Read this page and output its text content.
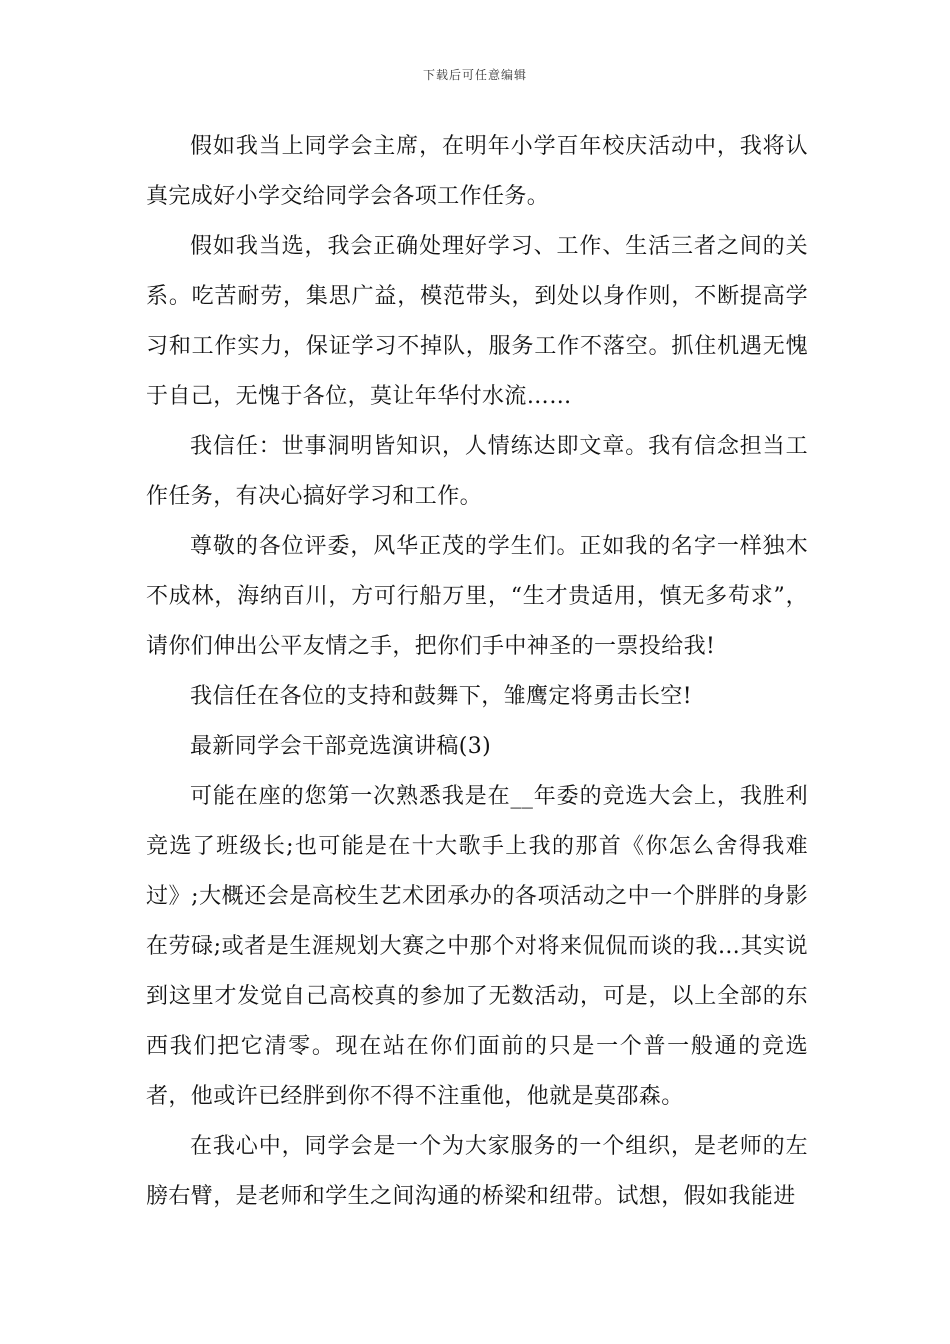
下载后可任意编辑

假如我当上同学会主席，在明年小学百年校庆活动中，我将认真完成好小学交给同学会各项工作任务。

假如我当选，我会正确处理好学习、工作、生活三者之间的关系。吃苦耐劳，集思广益，模范带头，到处以身作则，不断提高学习和工作实力，保证学习不掉队，服务工作不落空。抓住机遇无愧于自己，无愧于各位，莫让年华付水流……

我信任：世事洞明皆知识，人情练达即文章。我有信念担当工作任务，有决心搞好学习和工作。

尊敬的各位评委，风华正茂的学生们。正如我的名字一样独木不成林，海纳百川，方可行船万里，“生才贵适用，慎无多苟求”，请你们伸出公平友情之手，把你们手中神圣的一票投给我!

我信任在各位的支持和鼓舞下，雏鹰定将勇击长空!

最新同学会干部竞选演讲稿(3)

可能在座的您第一次熟悉我是在__年委的竞选大会上，我胜利竞选了班级长;也可能是在十大歌手上我的那首《你怎么舍得我难过》;大概还会是高校生艺术团承办的各项活动之中一个胖胖的身影在劳碌;或者是生涯规划大赛之中那个对将来侃侃而谈的我…其实说到这里才发觉自己高校真的参加了无数活动，可是，以上全部的东西我们把它清零。现在站在你们面前的只是一个普一般通的竞选者，他或许已经胖到你不得不注重他，他就是莫邵森。

在我心中，同学会是一个为大家服务的一个组织，是老师的左膀右臂，是老师和学生之间沟通的桥梁和纽带。试想，假如我能进
